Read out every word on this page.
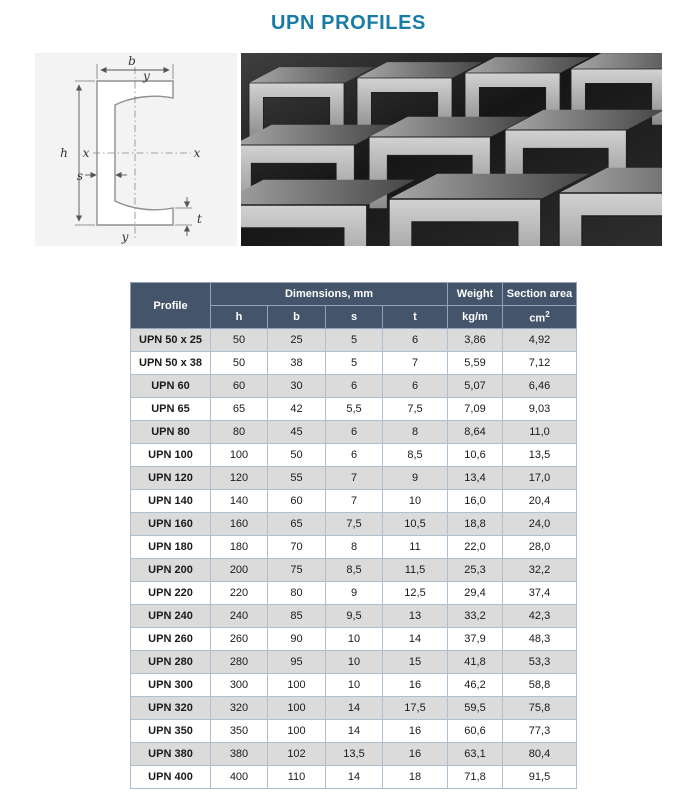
UPN PROFILES
b
y
h x	x
s
t
y
Profile	Dimensions, mm				Weight	Section area
	h	b	s	t	kg/m	$cm^2$
UPN 50 x 25	50	25	5	6	3,86	4,92
UPN 50 x 38	50	38	5	7	5,59	7,12
UPN 60	60	30	6	6	5,07	6,46
UPN 65	65	42	5,5	7,5	7,09	9,03
UPN 80	80	45	6	8	8,64	11,0
UPN 100	100	50	6	8,5	10,6	13,5
UPN 120	120	55	7	9	13,4	17,0
UPN 140	140	60	7	10	16,0	20,4
UPN 160	160	65	7,5	10,5	18,8	24,0
UPN 180	180	70	8	11	22,0	28,0
UPN 200	200	75	8,5	11,5	25,3	32,2
UPN 220	220	80	9	12,5	29,4	37,4
UPN 240	240	85	9,5	13	33,2	42,3
UPN 260	260	90	10	14	37,9	48,3
UPN 280	280	95	10	15	41,8	53,3
UPN 300	300	100	10	16	46,2	58,8
UPN 320	320	100	14	17,5	59,5	75,8
UPN 350	350	100	14	16	60,6	77,3
UPN 380	380	102	13,5	16	63,1	80,4
UPN 400	400	110	14	18	71,8	91,5
